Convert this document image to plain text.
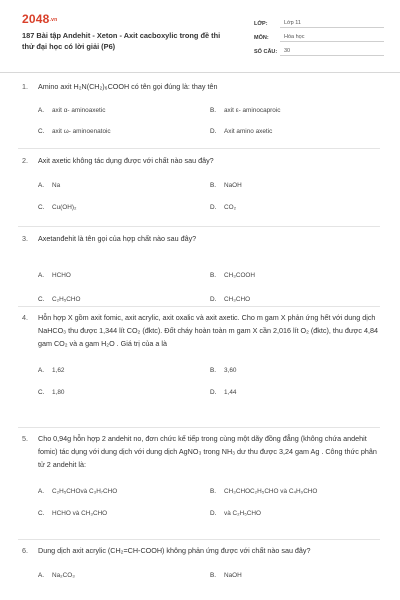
2048.vn
187 Bài tập Andehit - Xeton - Axit cacboxylic trong đề thi thử đại học có lời giải (P6)
LỚP:	Lớp 11
MÔN:	Hóa học
SỐ CÂU:	30
1. Amino axit H₂N(CH₂)₆COOH có tên gọi đúng là: thay tên
A. axit α- aminoaxetic	B. axit ε- aminocaproic
C. axit ω- aminoenatoic	D. Axit amino axetic
2. Axit axetic không tác dụng được với chất nào sau đây?
A. Na	B. NaOH
C. Cu(OH)₂	D. CO₂
3. Axetanđehit là tên gọi của hợp chất nào sau đây?
A. HCHO	B. CH₃COOH
C. C₂H₅CHO	D. CH₃CHO
4. Hỗn hợp X gồm axit fomic, axit acrylic, axit oxalic và axit axetic. Cho m gam X phản ứng hết với dung dịch NaHCO₃ thu được 1,344 lít CO₂ (đktc). Đốt cháy hoàn toàn m gam X cần 2,016 lít O₂ (đktc), thu được 4,84 gam CO₂ và a gam H₂O . Giá trị của a là
A. 1,62	B. 3,60
C. 1,80	D. 1,44
5. Cho 0,94g hỗn hợp 2 andehit no, đơn chức kế tiếp trong cùng một dãy đồng đẳng (không chứa andehit fomic) tác dụng với dung dịch với dung dịch AgNO₃ trong NH₃ dư thu được 3,24 gam Ag . Công thức phân tử 2 andehit là:
A. C₂H₅CHOvà C₃H₇CHO	B. CH₃CHOC₂H₅CHO và C₄H₉CHO
C. HCHO và CH₃CHO	D. và C₂H₅CHO
6. Dung dịch axit acrylic (CH₂=CH-COOH) không phản ứng được với chất nào sau đây?
A. Na₂CO₃	B. NaOH
